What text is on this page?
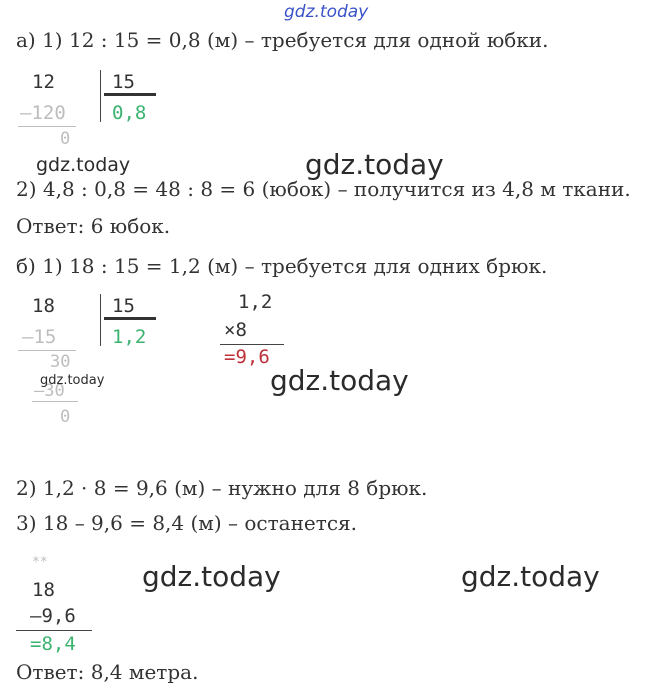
gdz.today
а) 1) 12 : 15 = 0,8 (м) – требуется для одной юбки.
12	15
–120 0,8
0
gdz.today	gdz.today
2) 4,8 : 0,8 = 48 : 8 = 6 (юбок) – получится из 4,8 м ткани.
Ответ: 6 юбок.
б) 1) 18 : 15 = 1,2 (м) – требуется для одних брюк.
18	15
–15	1,2
30
–30
0
gdz.today
1,2
×8
=9,6
gdz.today
2) 1,2 · 8 = 9,6 (м) – нужно для 8 брюк.
3) 18 – 9,6 = 8,4 (м) – останется.
**
18
–9,6
=8,4
gdz.today	gdz.today
Ответ: 8,4 метра.
